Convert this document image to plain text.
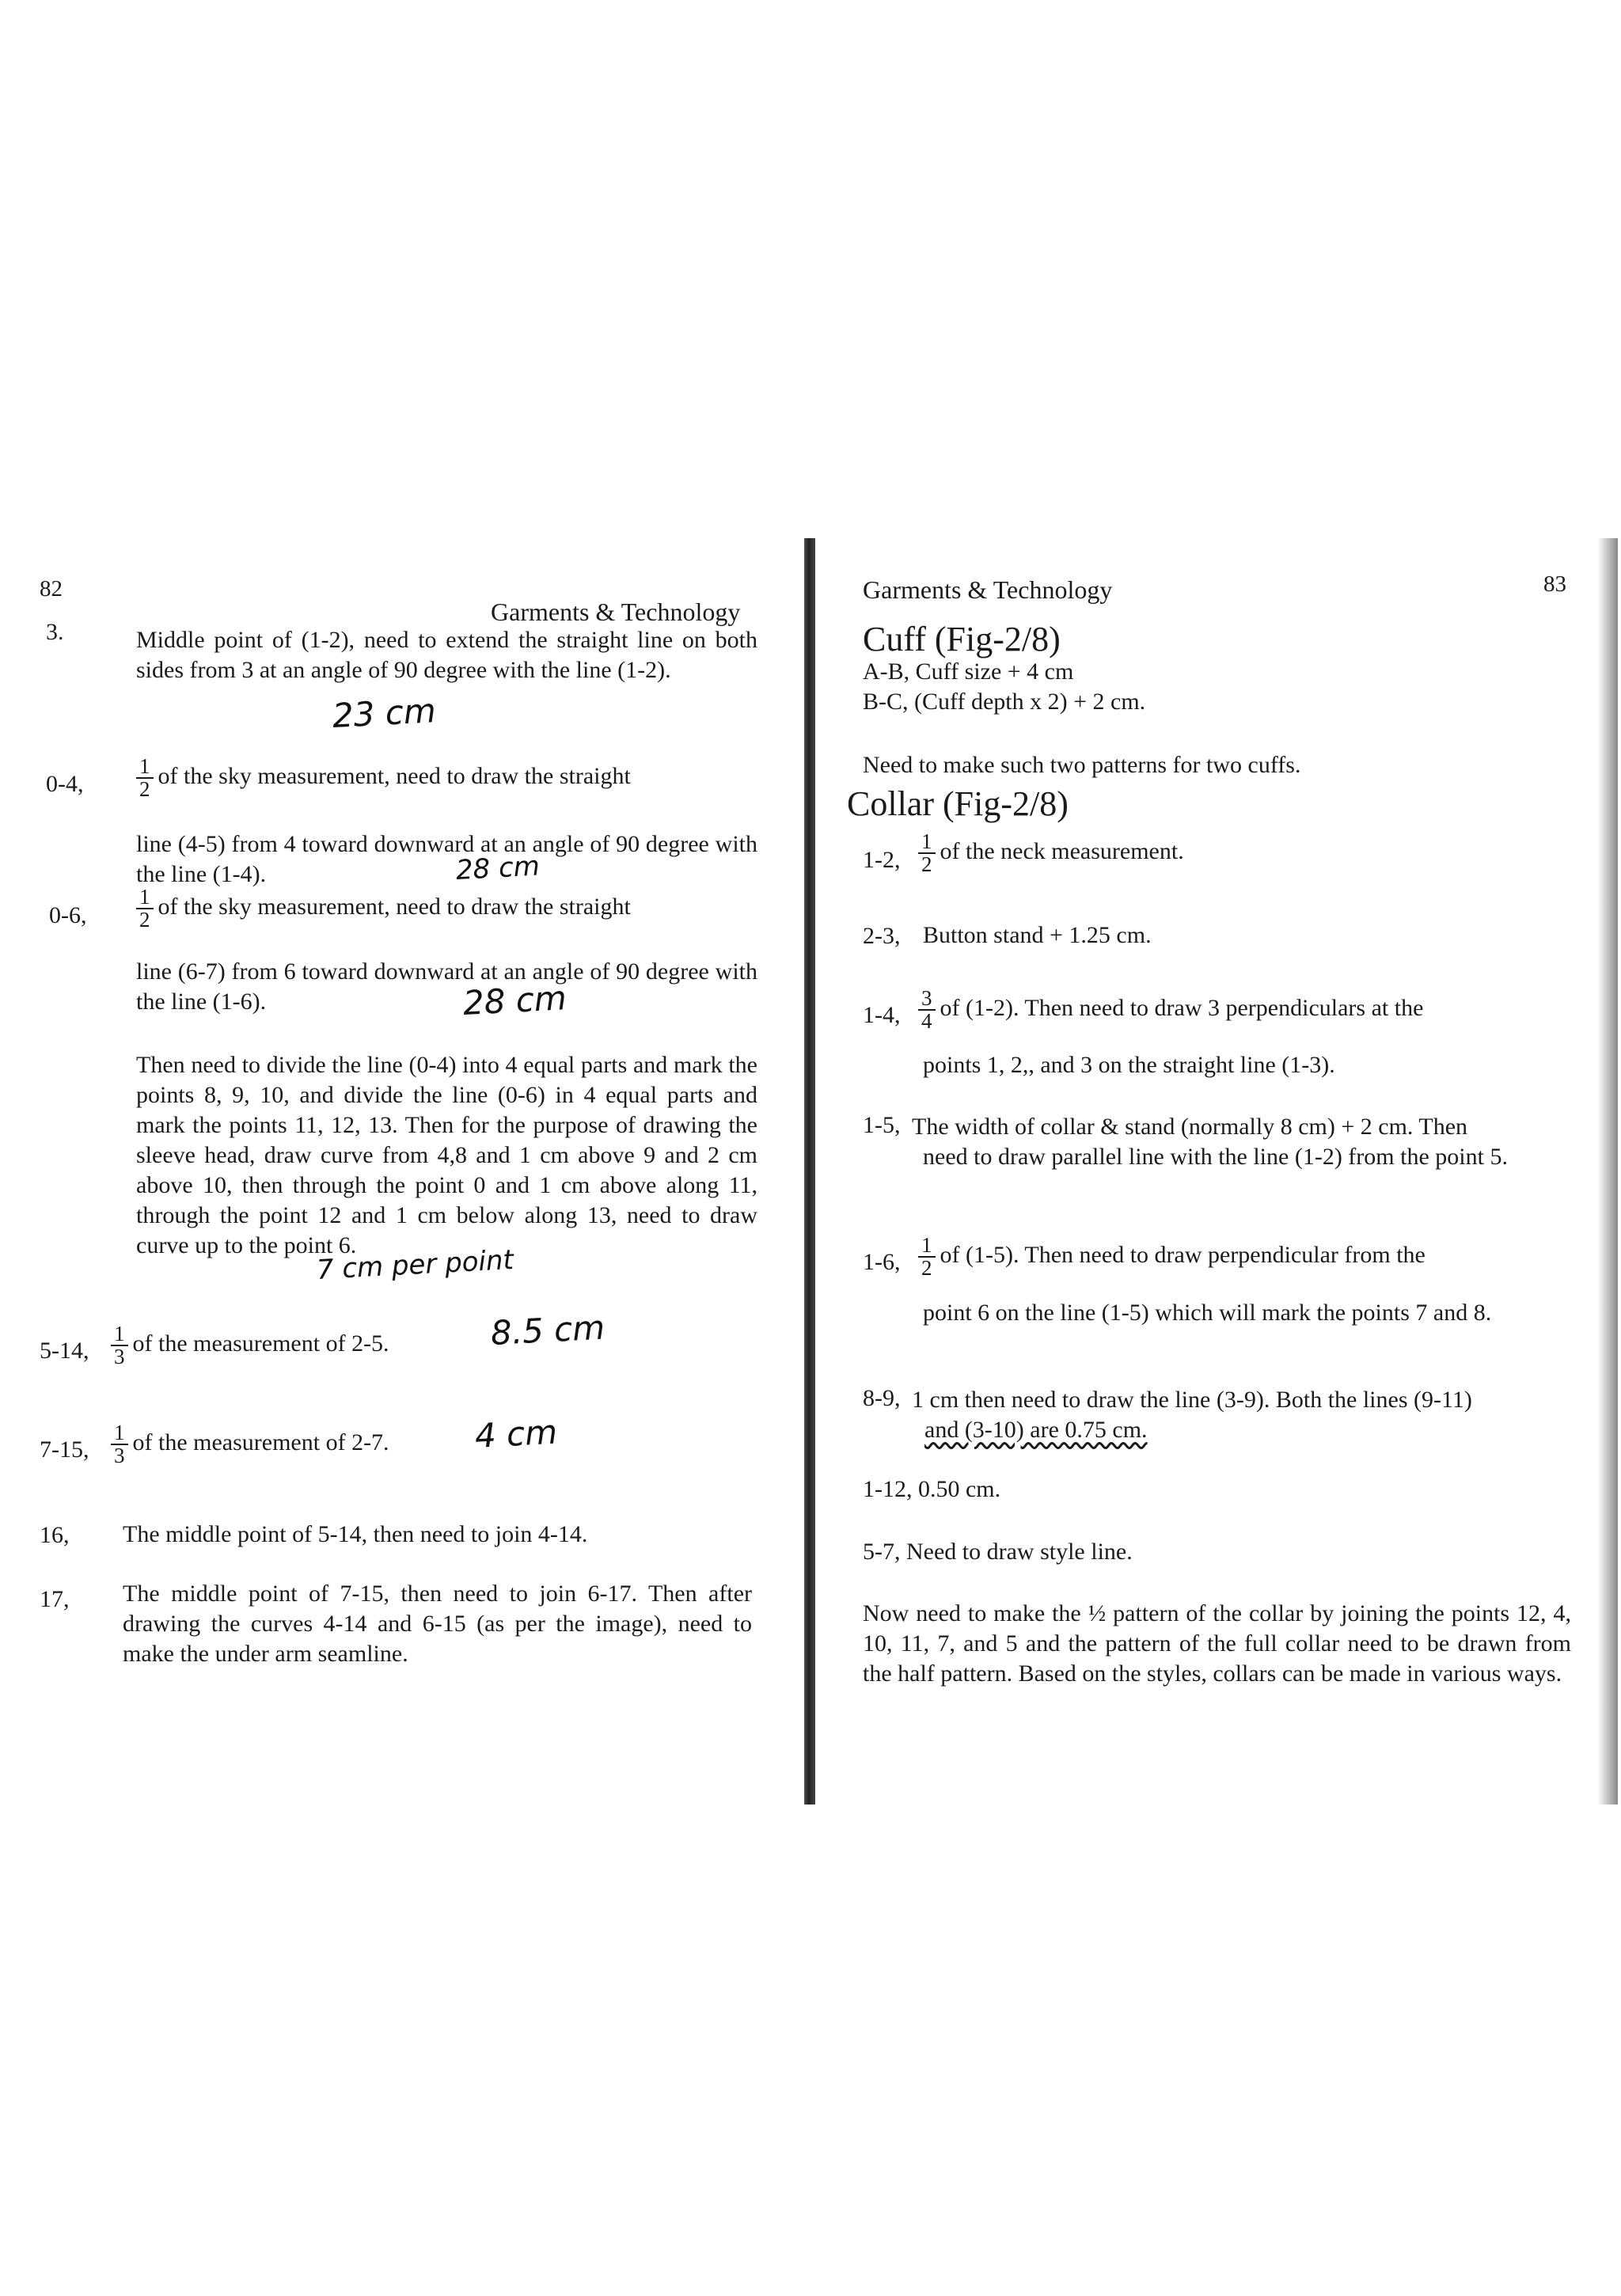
82
Garments & Technology
3.	Middle point of (1-2), need to extend the straight line on both sides from 3 at an angle of 90 degree with the line (1-2).
23 cm
0-4, $\frac{1}{2}$ of the sky measurement, need to draw the straight
line (4-5) from 4 toward downward at an angle of 90 degree with the line (1-4).	28 cm
0-6, $\frac{1}{2}$ of the sky measurement, need to draw the straight
line (6-7) from 6 toward downward at an angle of 90 degree with the line (1-6).	28 cm
Then need to divide the line (0-4) into 4 equal parts and mark the points 8, 9, 10, and divide the line (0-6) in 4 equal parts and mark the points 11, 12, 13. Then for the purpose of drawing the sleeve head, draw curve from 4,8 and 1 cm above 9 and 2 cm above 10, then through the point 0 and 1 cm above along 11, through the point 12 and 1 cm below along 13, need to draw curve up to the point 6.
7 cm per point
5-14, $\frac{1}{3}$ of the measurement of 2-5.	8.5 cm
7-15, $\frac{1}{3}$ of the measurement of 2-7.	4 cm
16, The middle point of 5-14, then need to join 4-14.
17, The middle point of 7-15, then need to join 6-17. Then after drawing the curves 4-14 and 6-15 (as per the image), need to make the under arm seamline.
Garments & Technology	83
Cuff (Fig-2/8)
A-B, Cuff size + 4 cm
B-C, (Cuff depth x 2) + 2 cm.
Need to make such two patterns for two cuffs.
Collar (Fig-2/8)
1-2, $\frac{1}{2}$ of the neck measurement.
2-3, Button stand + 1.25 cm.
1-4, $\frac{3}{4}$ of (1-2). Then need to draw 3 perpendiculars at the
points 1, 2,, and 3 on the straight line (1-3).
1-5, The width of collar & stand (normally 8 cm) + 2 cm. Then
need to draw parallel line with the line (1-2) from the point 5.
1-6, $\frac{1}{2}$ of (1-5). Then need to draw perpendicular from the
point 6 on the line (1-5) which will mark the points 7 and 8.
8-9, 1 cm then need to draw the line (3-9). Both the lines (9-11)
and (3-10) are 0.75 cm.
1-12, 0.50 cm.
5-7, Need to draw style line.
Now need to make the ½ pattern of the collar by joining the points 12, 4, 10, 11, 7, and 5 and the pattern of the full collar need to be drawn from the half pattern. Based on the styles, collars can be made in various ways.
